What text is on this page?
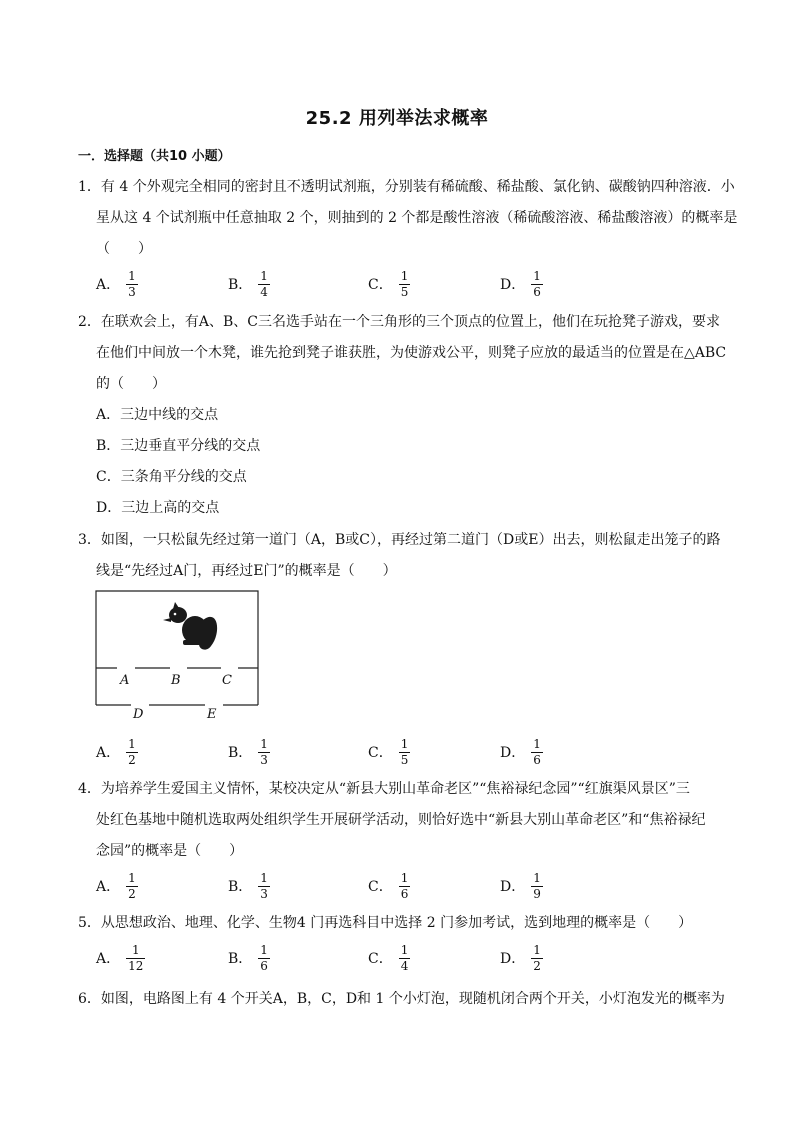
25.2 用列举法求概率
一．选择题（共10 小题）
1．有 4 个外观完全相同的密封且不透明试剂瓶，分别装有稀硫酸、稀盐酸、氯化钠、碳酸钠四种溶液．小
星从这 4 个试剂瓶中任意抽取 2 个，则抽到的 2 个都是酸性溶液（稀硫酸溶液、稀盐酸溶液）的概率是
（　　）
A． $\frac{1}{3}$	B． $\frac{1}{4}$	C． $\frac{1}{5}$	D． $\frac{1}{6}$
2．在联欢会上，有A、B、C三名选手站在一个三角形的三个顶点的位置上，他们在玩抢凳子游戏，要求
在他们中间放一个木凳，谁先抢到凳子谁获胜，为使游戏公平，则凳子应放的最适当的位置是在△ABC
的（　　）
A．三边中线的交点
B．三边垂直平分线的交点
C．三条角平分线的交点
D．三边上高的交点
3．如图，一只松鼠先经过第一道门（A，B或C），再经过第二道门（D或E）出去，则松鼠走出笼子的路
线是“先经过A门，再经过E门”的概率是（　　）
A	B	C
D	E
A． $\frac{1}{2}$	B． $\frac{1}{3}$	C． $\frac{1}{5}$	D． $\frac{1}{6}$
4．为培养学生爱国主义情怀，某校决定从“新县大别山革命老区”“焦裕禄纪念园”“红旗渠风景区”三
处红色基地中随机选取两处组织学生开展研学活动，则恰好选中“新县大别山革命老区”和“焦裕禄纪
念园”的概率是（　　）
A． $\frac{1}{2}$	B． $\frac{1}{3}$	C． $\frac{1}{6}$	D． $\frac{1}{9}$
5．从思想政治、地理、化学、生物4 门再选科目中选择 2 门参加考试，选到地理的概率是（　　）
A． $\frac{1}{12}$	B． $\frac{1}{6}$	C． $\frac{1}{4}$	D． $\frac{1}{2}$
6．如图，电路图上有 4 个开关A，B，C，D和 1 个小灯泡，现随机闭合两个开关，小灯泡发光的概率为
